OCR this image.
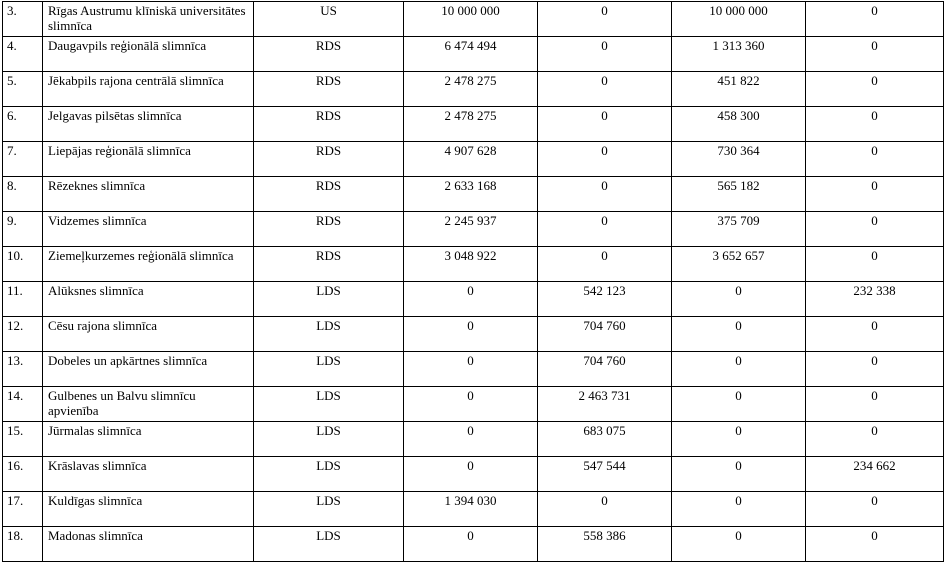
3.	Rīgas Austrumu klīniskā universitātes slimnīca	US	10 000 000	0	10 000 000	0
4.	Daugavpils reģionālā slimnīca	RDS	6 474 494	0	1 313 360	0
5.	Jēkabpils rajona centrālā slimnīca	RDS	2 478 275	0	451 822	0
6.	Jelgavas pilsētas slimnīca	RDS	2 478 275	0	458 300	0
7.	Liepājas reģionālā slimnīca	RDS	4 907 628	0	730 364	0
8.	Rēzeknes slimnīca	RDS	2 633 168	0	565 182	0
9.	Vidzemes slimnīca	RDS	2 245 937	0	375 709	0
10.	Ziemeļkurzemes reģionālā slimnīca	RDS	3 048 922	0	3 652 657	0
11.	Alūksnes slimnīca	LDS	0	542 123	0	232 338
12.	Cēsu rajona slimnīca	LDS	0	704 760	0	0
13.	Dobeles un apkārtnes slimnīca	LDS	0	704 760	0	0
14.	Gulbenes un Balvu slimnīcu apvienība	LDS	0	2 463 731	0	0
15.	Jūrmalas slimnīca	LDS	0	683 075	0	0
16.	Krāslavas slimnīca	LDS	0	547 544	0	234 662
17.	Kuldīgas slimnīca	LDS	1 394 030	0	0	0
18.	Madonas slimnīca	LDS	0	558 386	0	0
